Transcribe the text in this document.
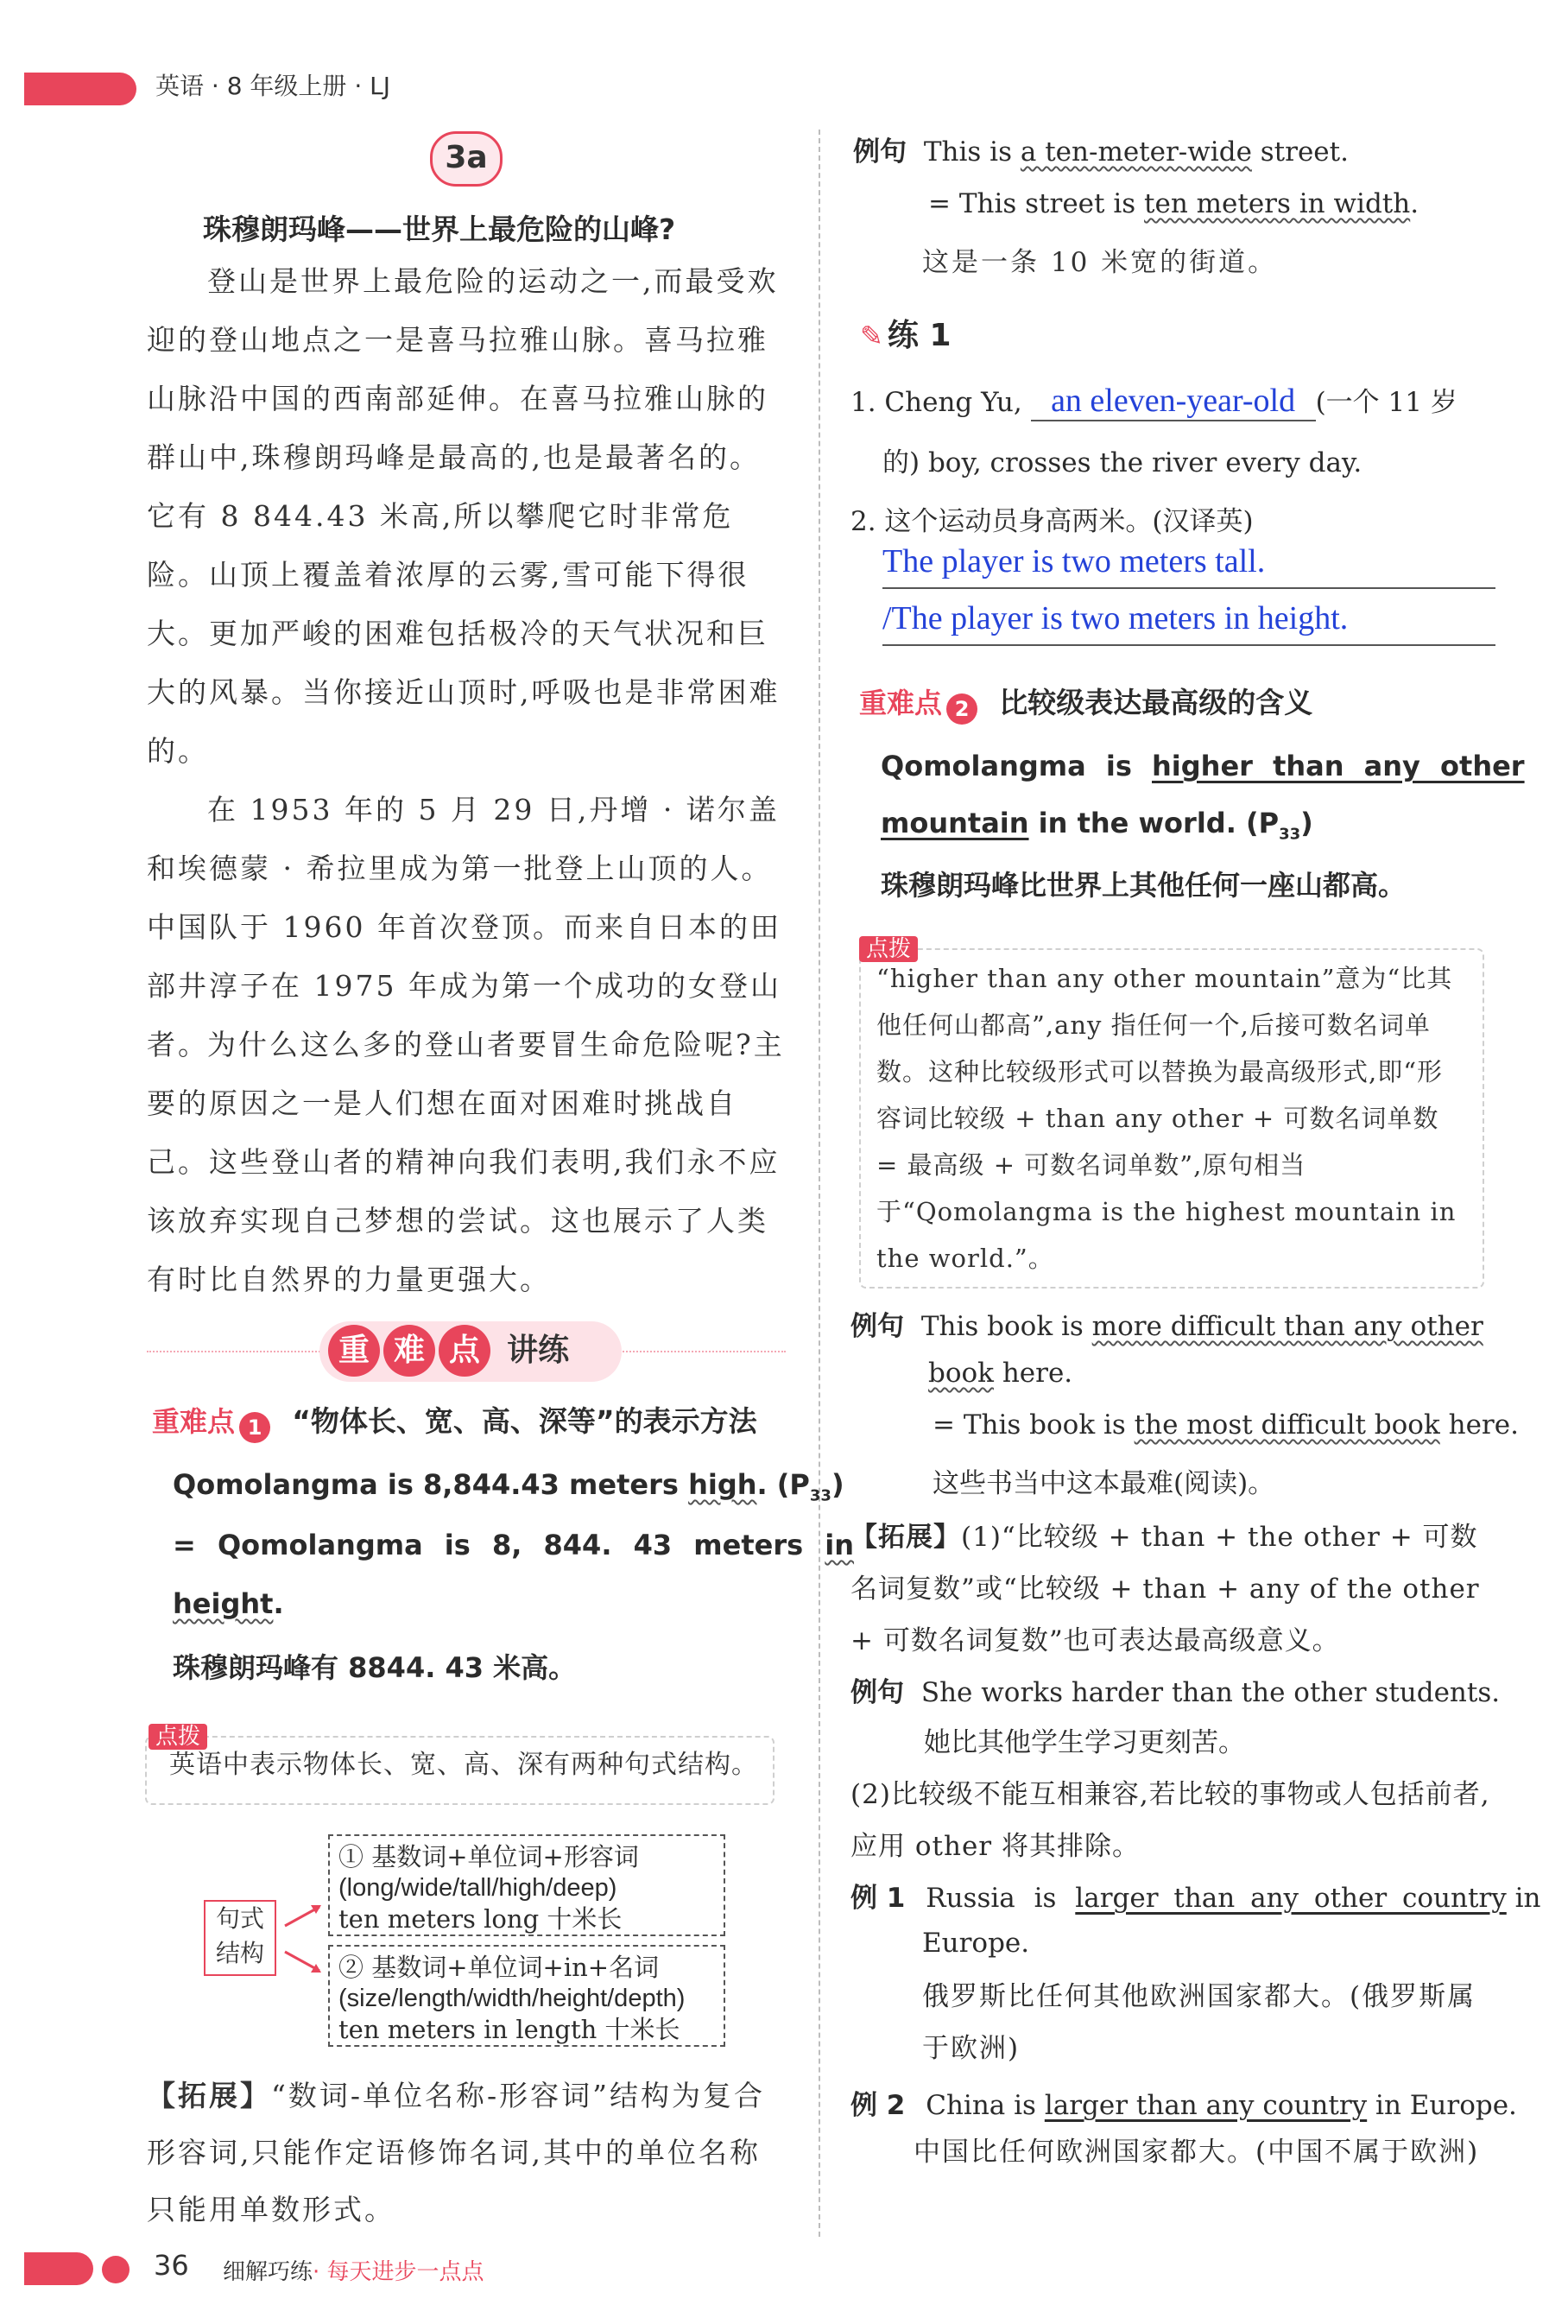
英语 · 8 年级上册 · LJ
3a
珠穆朗玛峰——世界上最危险的山峰?
登山是世界上最危险的运动之一,而最受欢迎的登山地点之一是喜马拉雅山脉。喜马拉雅山脉沿中国的西南部延伸。在喜马拉雅山脉的群山中,珠穆朗玛峰是最高的,也是最著名的。它有 8 844.43 米高,所以攀爬它时非常危险。山顶上覆盖着浓厚的云雾,雪可能下得很大。更加严峻的困难包括极冷的天气状况和巨大的风暴。当你接近山顶时,呼吸也是非常困难的。
在 1953 年的 5 月 29 日,丹增 · 诺尔盖和埃德蒙 · 希拉里成为第一批登上山顶的人。中国队于 1960 年首次登顶。而来自日本的田部井淳子在 1975 年成为第一个成功的女登山者。
为什么这么多的登山者要冒生命危险呢?主要的原因之一是人们想在面对困难时挑战自己。这些登山者的精神向我们表明,我们永不应该放弃实现自己梦想的尝试。这也展示了人类有时比自然界的力量更强大。
重 难 点 讲练
重难点 1 “物体长、宽、高、深等”的表示方法
Qomolangma is 8,844.43 meters high. $(P_{33})$
= Qomolangma is 8, 844. 43 meters in
height.
珠穆朗玛峰有 8844. 43 米高。
点拨
英语中表示物体长、宽、高、深有两种句式结构。
句式
结构
① 基数词+单位词+形容词
(long/wide/tall/high/deep)
ten meters long 十米长
② 基数词+单位词+in+名词
(size/length/width/height/depth)
ten meters in length 十米长
【拓展】“数词-单位名称-形容词”结构为复合形容词,只能作定语修饰名词,其中的单位名称只能用单数形式。
例句 This is a ten-meter-wide street.
= This street is ten meters in width.
这是一条 10 米宽的街道。
✎ 练 1
1. Cheng Yu, an eleven-year-old (一个 11 岁
的) boy, crosses the river every day.
2. 这个运动员身高两米。(汉译英)
The player is two meters tall.
/The player is two meters in height.
重难点 2 比较级表达最高级的含义
Qomolangma is higher than any other
mountain in the world. $(P_{33})$
珠穆朗玛峰比世界上其他任何一座山都高。
点拨
“higher than any other mountain”意为“比其他任何山都高”,any 指任何一个,后接可数名词单数。这种比较级形式可以替换为最高级形式,即“形容词比较级 + than any other + 可数名词单数 = 最高级 + 可数名词单数”,原句相当于“Qomolangma is the highest mountain in the world.”。
例句 This book is more difficult than any other
book here.
= This book is the most difficult book here.
这些书当中这本最难(阅读)。
【拓展】(1)“比较级 + than + the other + 可数名词复数”或“比较级 + than + any of the other + 可数名词复数”也可表达最高级意义。
例句 She works harder than the other students.
她比其他学生学习更刻苦。
(2)比较级不能互相兼容,若比较的事物或人包括前者,应用 other 将其排除。
例 1 Russia is larger than any other country in
Europe.
俄罗斯比任何其他欧洲国家都大。(俄罗斯属于欧洲)
例 2 China is larger than any country in Europe.
中国比任何欧洲国家都大。(中国不属于欧洲)
36 细解巧练· 每天进步一点点
